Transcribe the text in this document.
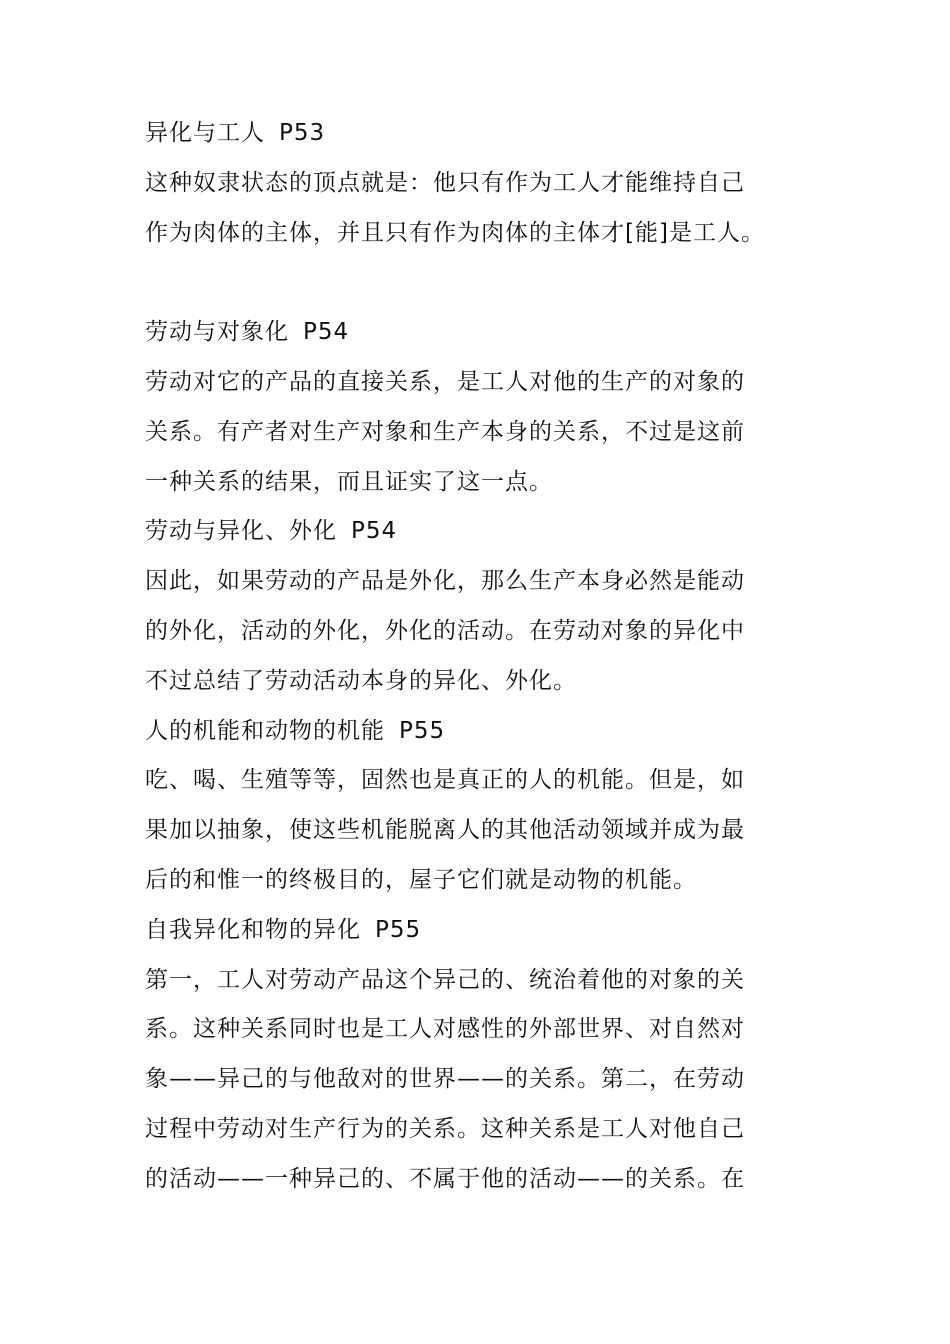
异化与工人 P53
这种奴隶状态的顶点就是：他只有作为工人才能维持自己
作为肉体的主体，并且只有作为肉体的主体才[能]是工人。
劳动与对象化 P54
劳动对它的产品的直接关系，是工人对他的生产的对象的
关系。有产者对生产对象和生产本身的关系，不过是这前
一种关系的结果，而且证实了这一点。
劳动与异化、外化 P54
因此，如果劳动的产品是外化，那么生产本身必然是能动
的外化，活动的外化，外化的活动。在劳动对象的异化中
不过总结了劳动活动本身的异化、外化。
人的机能和动物的机能 P55
吃、喝、生殖等等，固然也是真正的人的机能。但是，如
果加以抽象，使这些机能脱离人的其他活动领域并成为最
后的和惟一的终极目的，屋子它们就是动物的机能。
自我异化和物的异化 P55
第一，工人对劳动产品这个异己的、统治着他的对象的关
系。这种关系同时也是工人对感性的外部世界、对自然对
象——异己的与他敌对的世界——的关系。第二，在劳动
过程中劳动对生产行为的关系。这种关系是工人对他自己
的活动——一种异己的、不属于他的活动——的关系。在
